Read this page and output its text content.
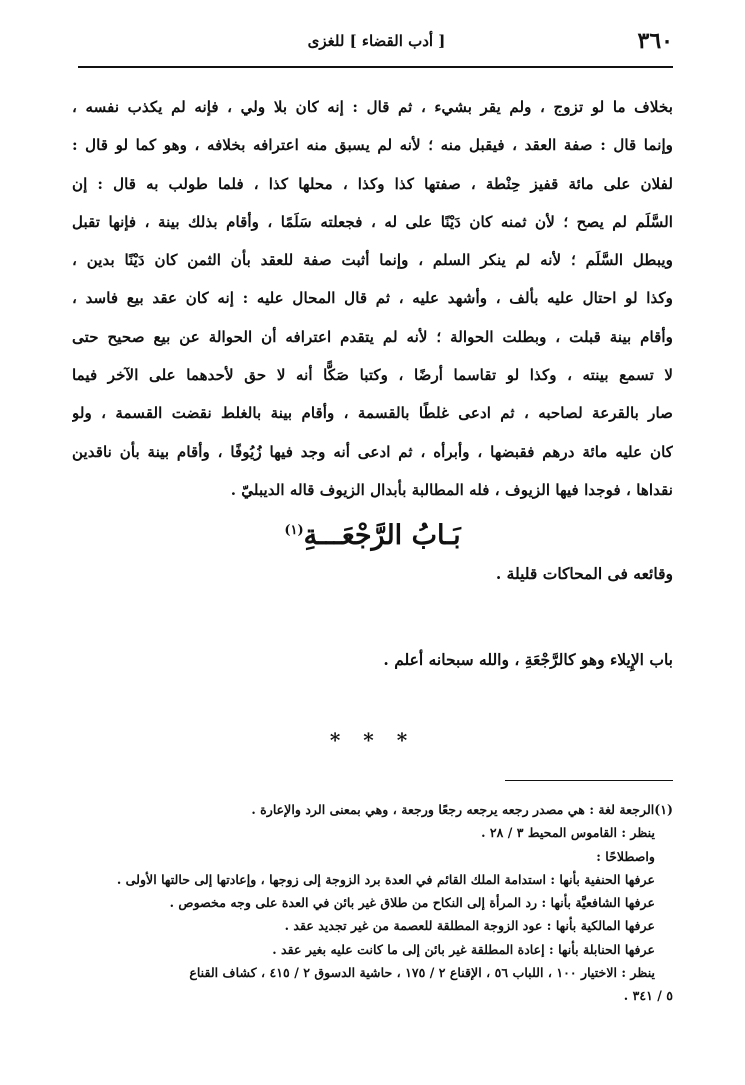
٣٦٠
[ أدب القضاء ] للغزى
بخلاف ما لو تزوج ، ولم يقر بشيء ، ثم قال : إنه كان بلا ولي ، فإنه لم يكذب نفسه ،
وإنما قال : صفة العقد ، فيقبل منه ؛ لأنه لم يسبق منه اعترافه بخلافه ، وهو كما لو قال :
لفلان على مائة قفيز حِنْطة ، صفتها كذا وكذا ، محلها كذا ، فلما طولب به قال : إن
السَّلَم لم يصح ؛ لأن ثمنه كان دَيْنًا على له ، فجعلته سَلَمًا ، وأقام بذلك بينة ، فإنها تقبل
ويبطل السَّلَم ؛ لأنه لم ينكر السلم ، وإنما أثبت صفة للعقد بأن الثمن كان دَيْنًا بدين ،
وكذا لو احتال عليه بألف ، وأشهد عليه ، ثم قال المحال عليه : إنه كان عقد بيع فاسد ،
وأقام بينة قبلت ، وبطلت الحوالة ؛ لأنه لم يتقدم اعترافه أن الحوالة عن بيع صحيح حتى
لا تسمع بينته ، وكذا لو تقاسما أرضًا ، وكتبا صَكًّا أنه لا حق لأحدهما على الآخر فيما
صار بالقرعة لصاحبه ، ثم ادعى غلطًا بالقسمة ، وأقام بينة بالغلط نقضت القسمة ، ولو
كان عليه مائة درهم فقبضها ، وأبرأه ، ثم ادعى أنه وجد فيها زُيُوفًا ، وأقام بينة بأن ناقدين
نقداها ، فوجدا فيها الزيوف ، فله المطالبة بأبدال الزيوف قاله الديبليّ .
بَـابُ الرَّجْعَـــةِ$^{(١)}$
وقائعه فى المحاكات قليلة .
باب الإِيلاء وهو كالرَّجْعَةِ ، والله سبحانه أعلم .
* * *
(١)الرجعة لغة : هي مصدر رجعه يرجعه رجعًا ورجعة ، وهي بمعنى الرد والإعارة .
ينظر : القاموس المحيط ٣ / ٢٨ .
واصطلاحًا :
عرفها الحنفية بأنها : استدامة الملك القائم في العدة برد الزوجة إلى زوجها ، وإعادتها إلى حالتها الأولى .
عرفها الشافعيَّة بأنها : رد المرأة إلى النكاح من طلاق غير بائن في العدة على وجه مخصوص .
عرفها المالكية بأنها : عود الزوجة المطلقة للعصمة من غير تجديد عقد .
عرفها الحنابلة بأنها : إعادة المطلقة غير بائن إلى ما كانت عليه بغير عقد .
ينظر : الاختيار ١٠٠ ، اللباب ٥٦ ، الإقناع ٢ / ١٧٥ ، حاشية الدسوق ٢ / ٤١٥ ، كشاف القناع
٥ / ٣٤١ .
